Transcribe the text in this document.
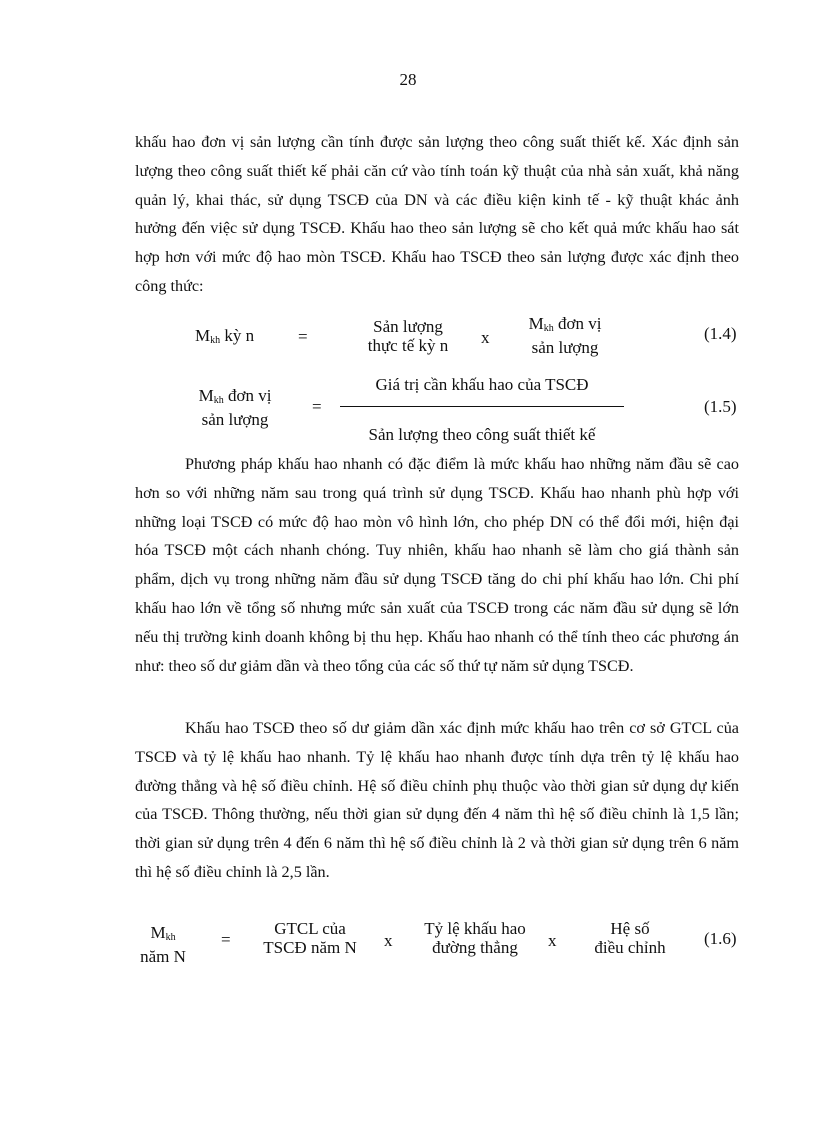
28

khấu hao đơn vị sản lượng cần tính được sản lượng theo công suất thiết kế. Xác định sản lượng theo công suất thiết kế phải căn cứ vào tính toán kỹ thuật của nhà sản xuất, khả năng quản lý, khai thác, sử dụng TSCĐ của DN và các điều kiện kinh tế - kỹ thuật khác ảnh hưởng đến việc sử dụng TSCĐ. Khấu hao theo sản lượng sẽ cho kết quả mức khấu hao sát hợp hơn với mức độ hao mòn TSCĐ. Khấu hao TSCĐ theo sản lượng được xác định theo công thức:

$M_{kh}$ kỳ n	=
Sản lượng
thực tế kỳ n	x
$M_{kh}$ đơn vị
sản lượng
(1.4)
$M_{kh}$ đơn vị
sản lượng
=
Giá trị cần khấu hao của TSCĐ
Sản lượng theo công suất thiết kế
(1.5)

Phương pháp khấu hao nhanh có đặc điểm là mức khấu hao những năm đầu sẽ cao hơn so với những năm sau trong quá trình sử dụng TSCĐ. Khấu hao nhanh phù hợp với những loại TSCĐ có mức độ hao mòn vô hình lớn, cho phép DN có thể đổi mới, hiện đại hóa TSCĐ một cách nhanh chóng. Tuy nhiên, khấu hao nhanh sẽ làm cho giá thành sản phẩm, dịch vụ trong những năm đầu sử dụng TSCĐ tăng do chi phí khấu hao lớn. Chi phí khấu hao lớn về tổng số nhưng mức sản xuất của TSCĐ trong các năm đầu sử dụng sẽ lớn nếu thị trường kinh doanh không bị thu hẹp. Khấu hao nhanh có thể tính theo các phương án như: theo số dư giảm dần và theo tổng của các số thứ tự năm sử dụng TSCĐ.

Khấu hao TSCĐ theo số dư giảm dần xác định mức khấu hao trên cơ sở GTCL của TSCĐ và tỷ lệ khấu hao nhanh. Tỷ lệ khấu hao nhanh được tính dựa trên tỷ lệ khấu hao đường thẳng và hệ số điều chỉnh. Hệ số điều chỉnh phụ thuộc vào thời gian sử dụng dự kiến của TSCĐ. Thông thường, nếu thời gian sử dụng đến 4 năm thì hệ số điều chỉnh là 1,5 lần; thời gian sử dụng trên 4 đến 6 năm thì hệ số điều chỉnh là 2 và thời gian sử dụng trên 6 năm thì hệ số điều chỉnh là 2,5 lần.

$M_{kh}$
năm N
=
GTCL của
TSCĐ năm N	x
Tỷ lệ khấu hao
đường thẳng	x
Hệ số
điều chỉnh	(1.6)
